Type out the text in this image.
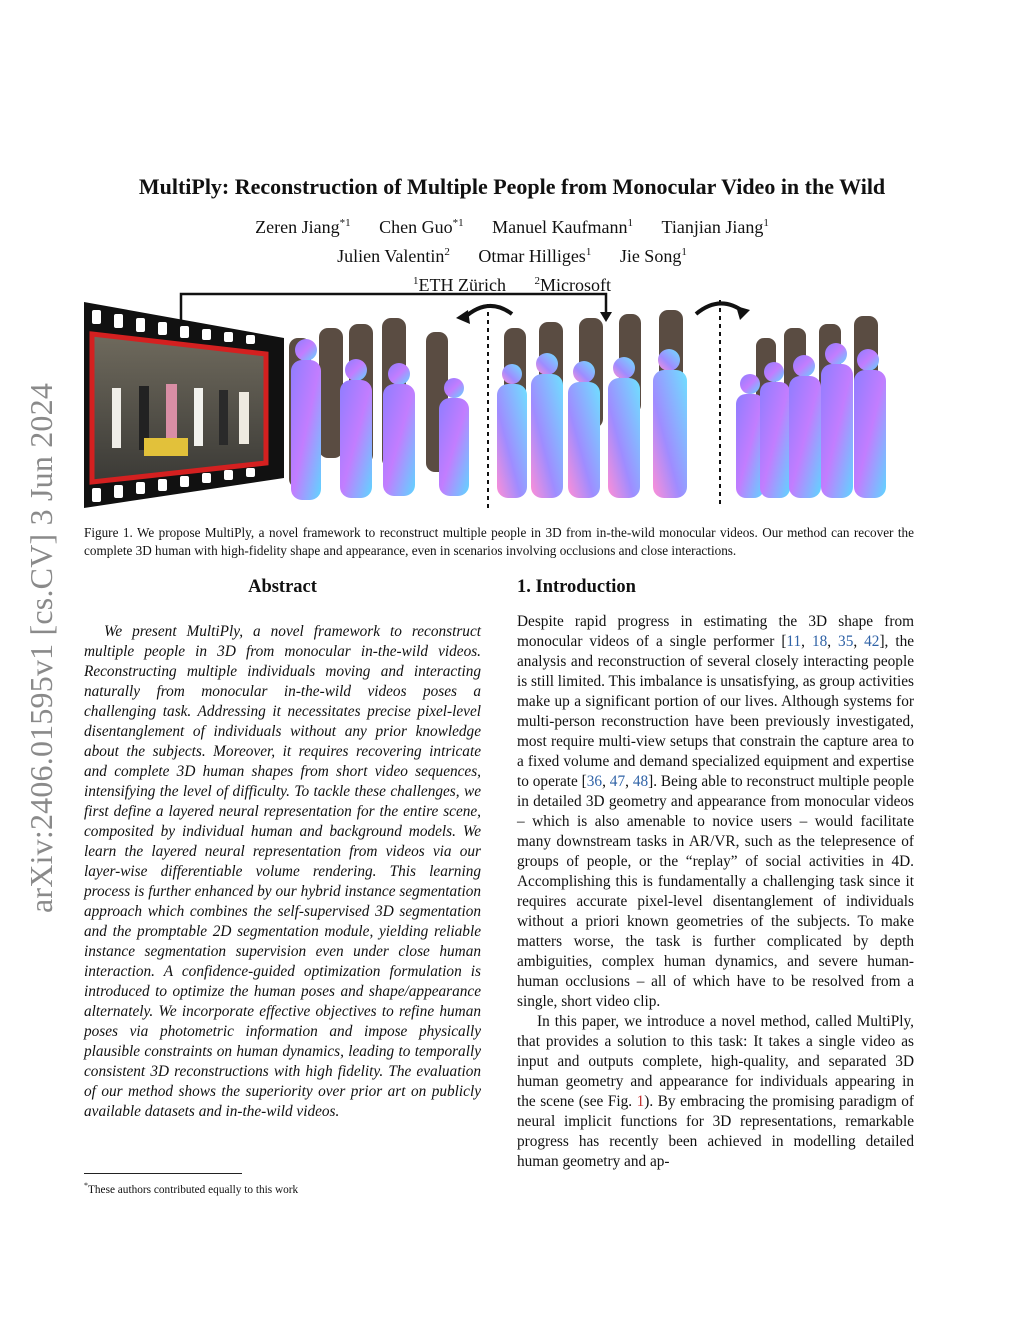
arXiv:2406.01595v1 [cs.CV] 3 Jun 2024
MultiPly: Reconstruction of Multiple People from Monocular Video in the Wild
Zeren Jiang$^{*1}$ Chen Guo$^{*1}$ Manuel Kaufmann$^1$ Tianjian Jiang$^1$
Julien Valentin$^2$ Otmar Hilliges$^1$ Jie Song$^1$
$^1$ETH Zürich	$^2$Microsoft
Figure 1. We propose MultiPly, a novel framework to reconstruct multiple people in 3D from in-the-wild monocular videos. Our method can recover the complete 3D human with high-fidelity shape and appearance, even in scenarios involving occlusions and close interactions.
Abstract

We present MultiPly, a novel framework to reconstruct multiple people in 3D from monocular in-the-wild videos. Reconstructing multiple individuals moving and interacting naturally from monocular in-the-wild videos poses a challenging task. Addressing it necessitates precise pixel-level disentanglement of individuals without any prior knowledge about the subjects. Moreover, it requires recovering intricate and complete 3D human shapes from short video sequences, intensifying the level of difficulty. To tackle these challenges, we first define a layered neural representation for the entire scene, composited by individual human and background models. We learn the layered neural representation from videos via our layer-wise differentiable volume rendering. This learning process is further enhanced by our hybrid instance segmentation approach which combines the self-supervised 3D segmentation and the promptable 2D segmentation module, yielding reliable instance segmentation supervision even under close human interaction. A confidence-guided optimization formulation is introduced to optimize the human poses and shape/appearance alternately. We incorporate effective objectives to refine human poses via photometric information and impose physically plausible constraints on human dynamics, leading to temporally consistent 3D reconstructions with high fidelity. The evaluation of our method shows the superiority over prior art on publicly available datasets and in-the-wild videos.

1. Introduction

Despite rapid progress in estimating the 3D shape from monocular videos of a single performer [11, 18, 35, 42], the analysis and reconstruction of several closely interacting people is still limited. This imbalance is unsatisfying, as group activities make up a significant portion of our lives. Although systems for multi-person reconstruction have been previously investigated, most require multi-view setups that constrain the capture area to a fixed volume and demand specialized equipment and expertise to operate [36, 47, 48]. Being able to reconstruct multiple people in detailed 3D geometry and appearance from monocular videos – which is also amenable to novice users – would facilitate many downstream tasks in AR/VR, such as the telepresence of groups of people, or the “replay” of social activities in 4D. Accomplishing this is fundamentally a challenging task since it requires accurate pixel-level disentanglement of individuals without a priori known geometries of the subjects. To make matters worse, the task is further complicated by depth ambiguities, complex human dynamics, and severe human-human occlusions – all of which have to be resolved from a single, short video clip.

In this paper, we introduce a novel method, called MultiPly, that provides a solution to this task: It takes a single video as input and outputs complete, high-quality, and separated 3D human geometry and appearance for individuals appearing in the scene (see Fig. 1). By embracing the promising paradigm of neural implicit functions for 3D representations, remarkable progress has recently been achieved in modelling detailed human geometry and ap-

*These authors contributed equally to this work
